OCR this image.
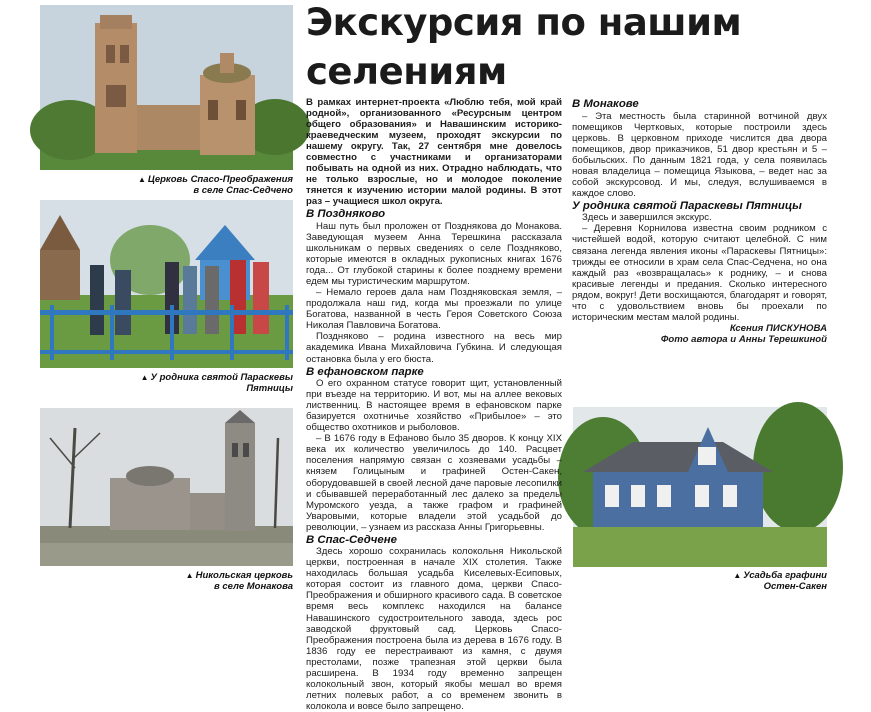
▲ Церковь Спасо-Преображения
в селе Спас-Седчено
▲ У родника святой Параскевы
Пятницы
▲ Никольская церковь
в селе Монакова
▲ Усадьба графини
Остен-Сакен
Экскурсия по нашим
селениям

В рамках интернет-проекта «Люблю тебя, мой край родной», организованного «Ресурсным центром общего образования» и Навашинским историко-краеведческим музеем, проходят экскурсии по нашему округу. Так, 27 сентября мне довелось совместно с участниками и организаторами побывать на одной из них. Отрадно наблюдать, что не только взрослые, но и молодое поколение тянется к изучению истории малой родины. В этот раз – учащиеся школ округа.

В Поздняково

Наш путь был проложен от Позднякова до Монакова. Заведующая музеем Анна Терешкина рассказала школьникам о первых сведениях о селе Поздняково, которые имеются в окладных рукописных книгах 1676 года... От глубокой старины к более позднему времени едем мы туристическим маршрутом.

– Немало героев дала нам Поздняковская земля, – продолжала наш гид, когда мы проезжали по улице Богатова, названной в честь Героя Советского Союза Николая Павловича Богатова.

Поздняково – родина известного на весь мир академика Ивана Михайловича Губкина. И следующая остановка была у его бюста.

В ефановском парке

О его охранном статусе говорит щит, установленный при въезде на территорию. И вот, мы на аллее вековых лиственниц. В настоящее время в ефановском парке базируется охотничье хозяйство «Прибылое» – это общество охотников и рыболовов.

– В 1676 году в Ефаново было 35 дворов. К концу XIX века их количество увеличилось до 140. Расцвет поселения напрямую связан с хозяевами усадьбы – князем Голицыным и графиней Остен-Сакен, оборудовавшей в своей лесной даче паровые лесопилки и сбывавшей переработанный лес далеко за пределы Муромского уезда, а также графом и графиней Уваровыми, которые владели этой усадьбой до революции, – узнаем из рассказа Анны Григорьевны.

В Спас-Седчене

Здесь хорошо сохранилась колокольня Никольской церкви, построенная в начале XIX столетия. Также находилась большая усадьба Киселевых-Есиповых, которая состоит из главного дома, церкви Спасо-Преображения и обширного красивого сада. В советское время весь комплекс находился на балансе Навашинского судостроительного завода, здесь рос заводской фруктовый сад. Церковь Спасо-Преображения построена была из дерева в 1676 году. В 1836 году ее перестраивают из камня, с двумя престолами, позже трапезная этой церкви была расширена. В 1934 году временно запрещен колокольный звон, который якобы мешал во время летних полевых работ, а со временем звонить в колокола и вовсе было запрещено.

В Монакове

– Эта местность была старинной вотчиной двух помещиков Чертковых, которые построили здесь церковь. В церковном приходе числится два двора помещиков, двор приказчиков, 51 двор крестьян и 5 – бобыльских. По данным 1821 года, у села появилась новая владелица – помещица Языкова, – ведет нас за собой экскурсовод. И мы, следуя, вслушиваемся в каждое слово.

У родника святой Параскевы Пятницы

Здесь и завершился экскурс.

– Деревня Корнилова известна своим родником с чистейшей водой, которую считают целебной. С ним связана легенда явления иконы «Параскевы Пятницы»: трижды ее относили в храм села Спас-Седчена, но она каждый раз «возвращалась» к роднику, – и снова красивые легенды и предания. Сколько интересного рядом, вокруг! Дети восхищаются, благодарят и говорят, что с удовольствием вновь бы проехали по историческим местам малой родины.

Ксения ПИСКУНОВА
Фото автора и Анны Терешкиной
